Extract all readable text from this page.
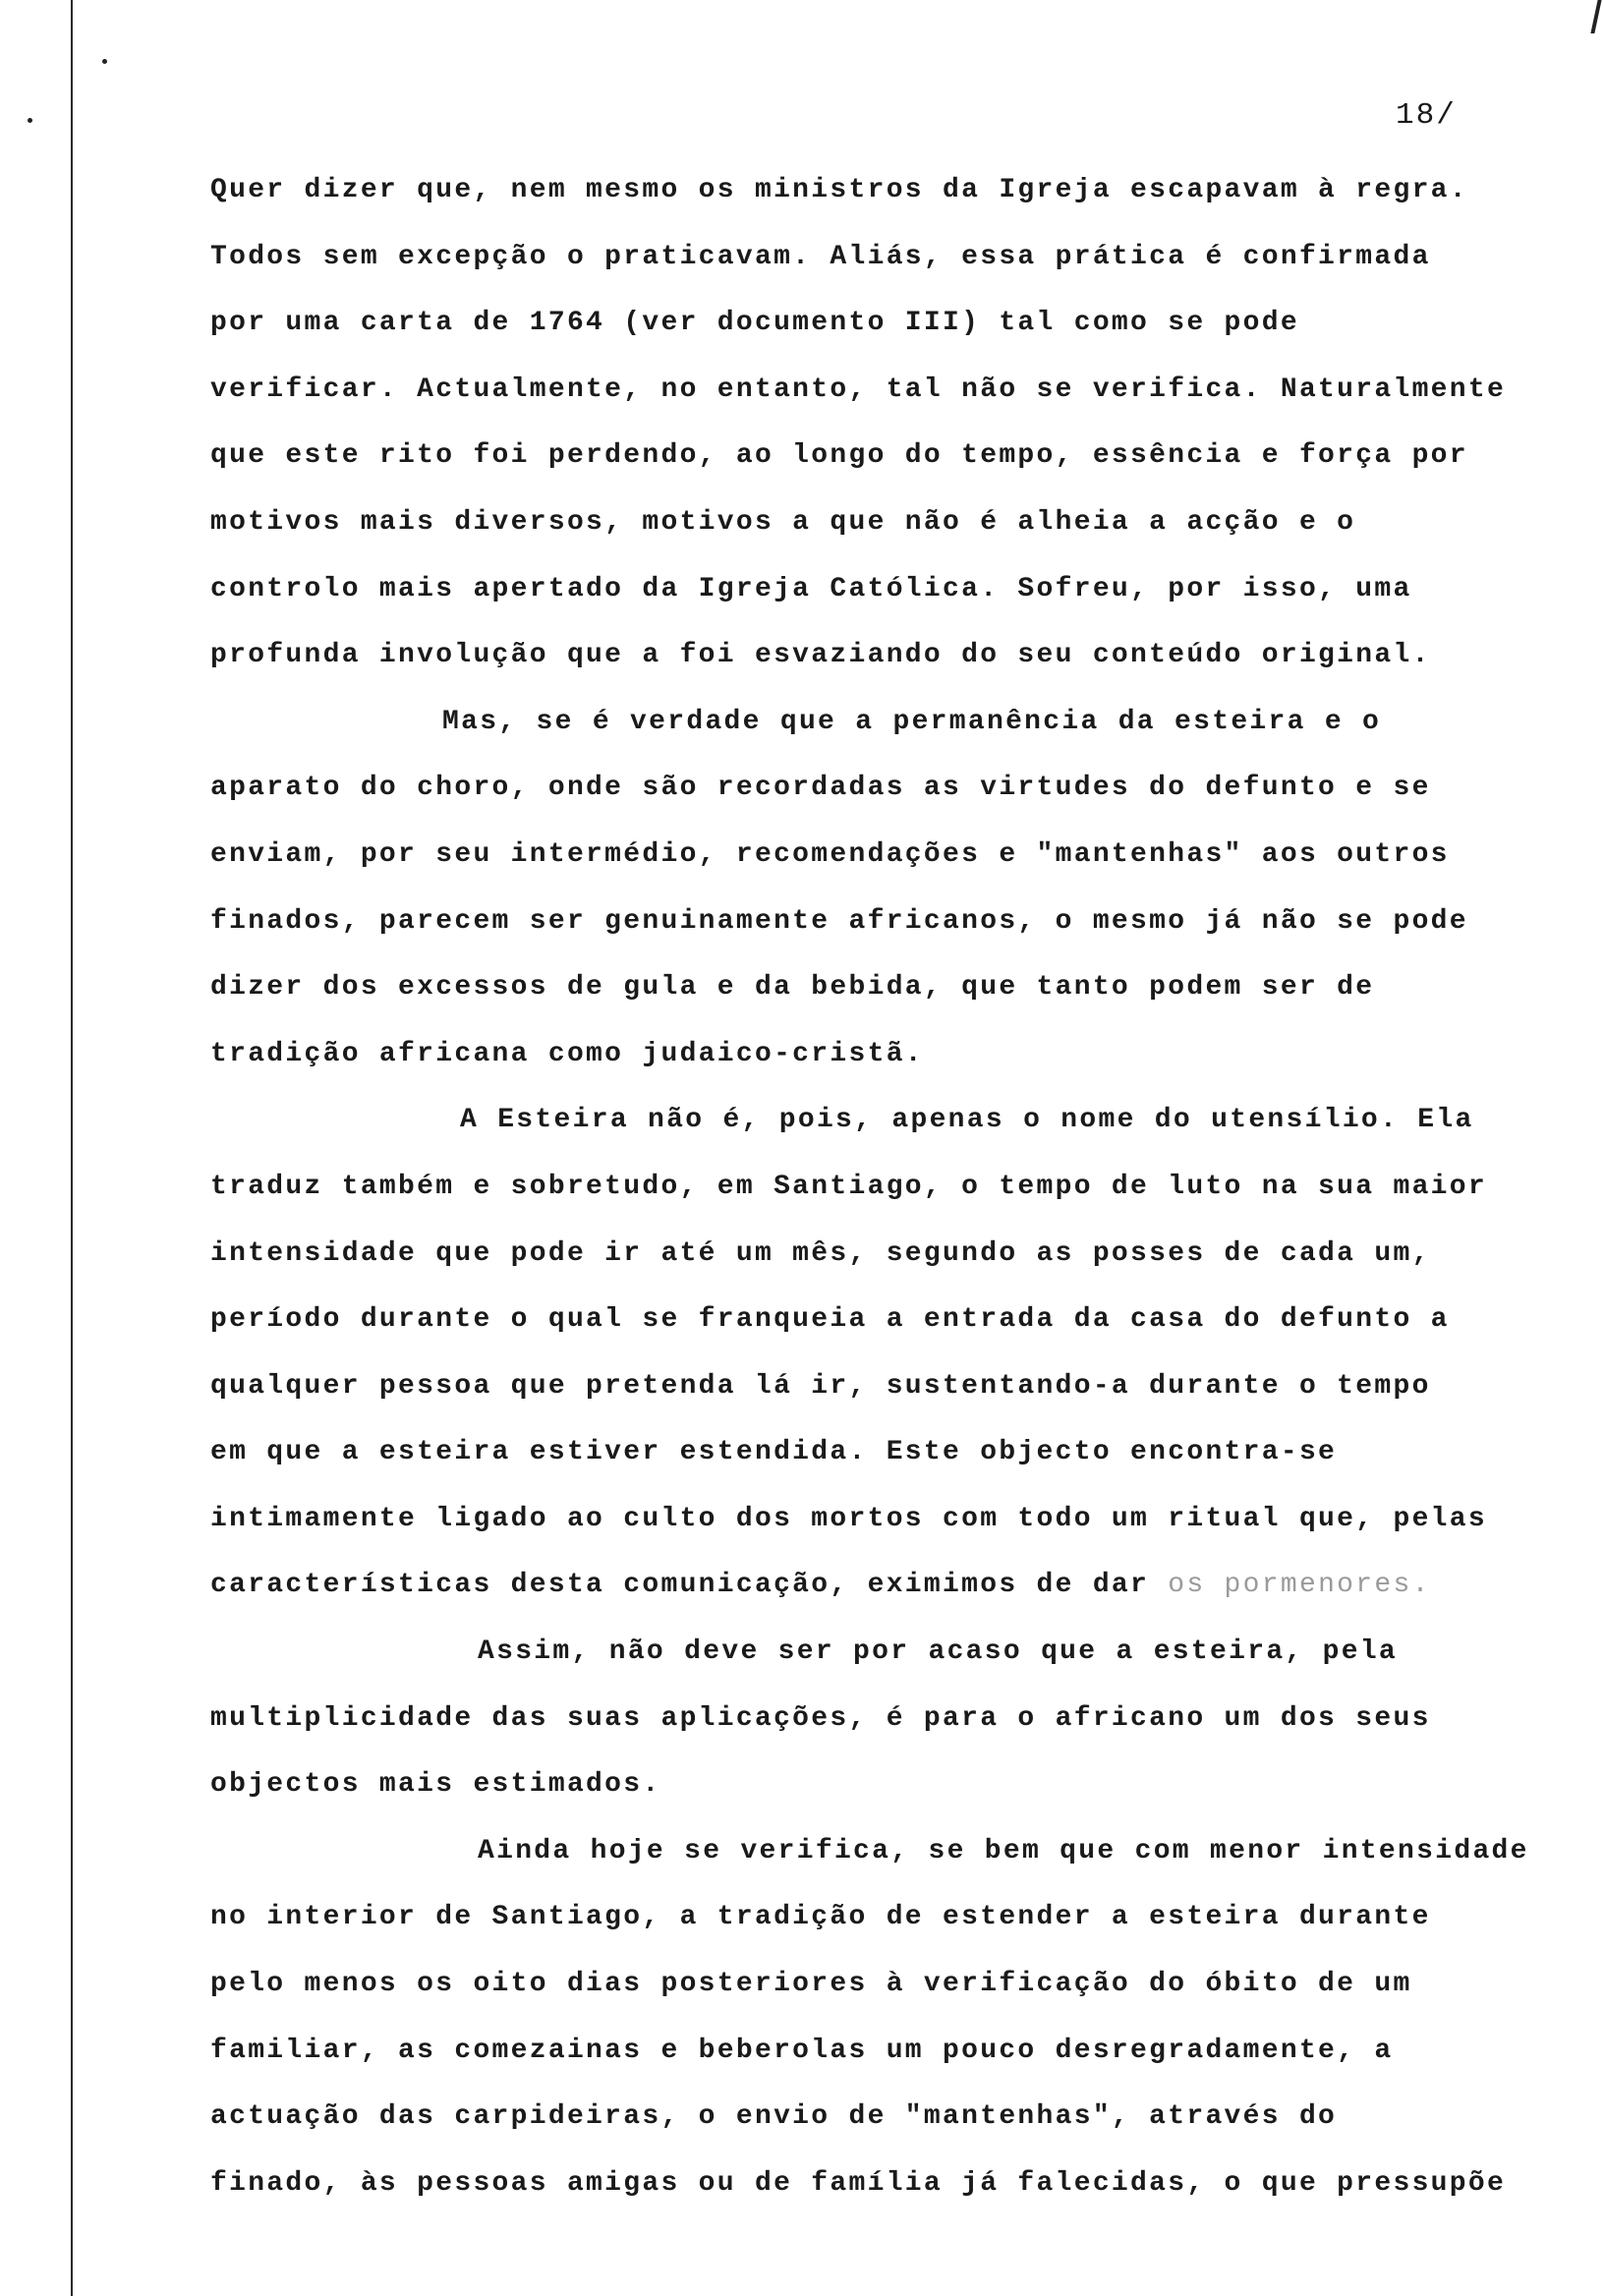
18/
Quer dizer que, nem mesmo os ministros da Igreja escapavam à regra.
Todos sem excepção o praticavam. Aliás, essa prática é confirmada
por uma carta de 1764 (ver documento III) tal como se pode
verificar. Actualmente, no entanto, tal não se verifica. Naturalmente
que este rito foi perdendo, ao longo do tempo, essência e força por
motivos mais diversos, motivos a que não é alheia a acção e o
controlo mais apertado da Igreja Católica. Sofreu, por isso, uma
profunda involução que a foi esvaziando do seu conteúdo original.
Mas, se é verdade que a permanência da esteira e o
aparato do choro, onde são recordadas as virtudes do defunto e se
enviam, por seu intermédio, recomendações e "mantenhas" aos outros
finados, parecem ser genuinamente africanos, o mesmo já não se pode
dizer dos excessos de gula e da bebida, que tanto podem ser de
tradição africana como judaico-cristã.
A Esteira não é, pois, apenas o nome do utensílio. Ela
traduz também e sobretudo, em Santiago, o tempo de luto na sua maior
intensidade que pode ir até um mês, segundo as posses de cada um,
período durante o qual se franqueia a entrada da casa do defunto a
qualquer pessoa que pretenda lá ir, sustentando-a durante o tempo
em que a esteira estiver estendida. Este objecto encontra-se
intimamente ligado ao culto dos mortos com todo um ritual que, pelas
características desta comunicação, eximimos de dar os pormenores.
Assim, não deve ser por acaso que a esteira, pela
multiplicidade das suas aplicações, é para o africano um dos seus
objectos mais estimados.
Ainda hoje se verifica, se bem que com menor intensidade
no interior de Santiago, a tradição de estender a esteira durante
pelo menos os oito dias posteriores à verificação do óbito de um
familiar, as comezainas e beberolas um pouco desregradamente, a
actuação das carpideiras, o envio de "mantenhas", através do
finado, às pessoas amigas ou de família já falecidas, o que pressupõe
